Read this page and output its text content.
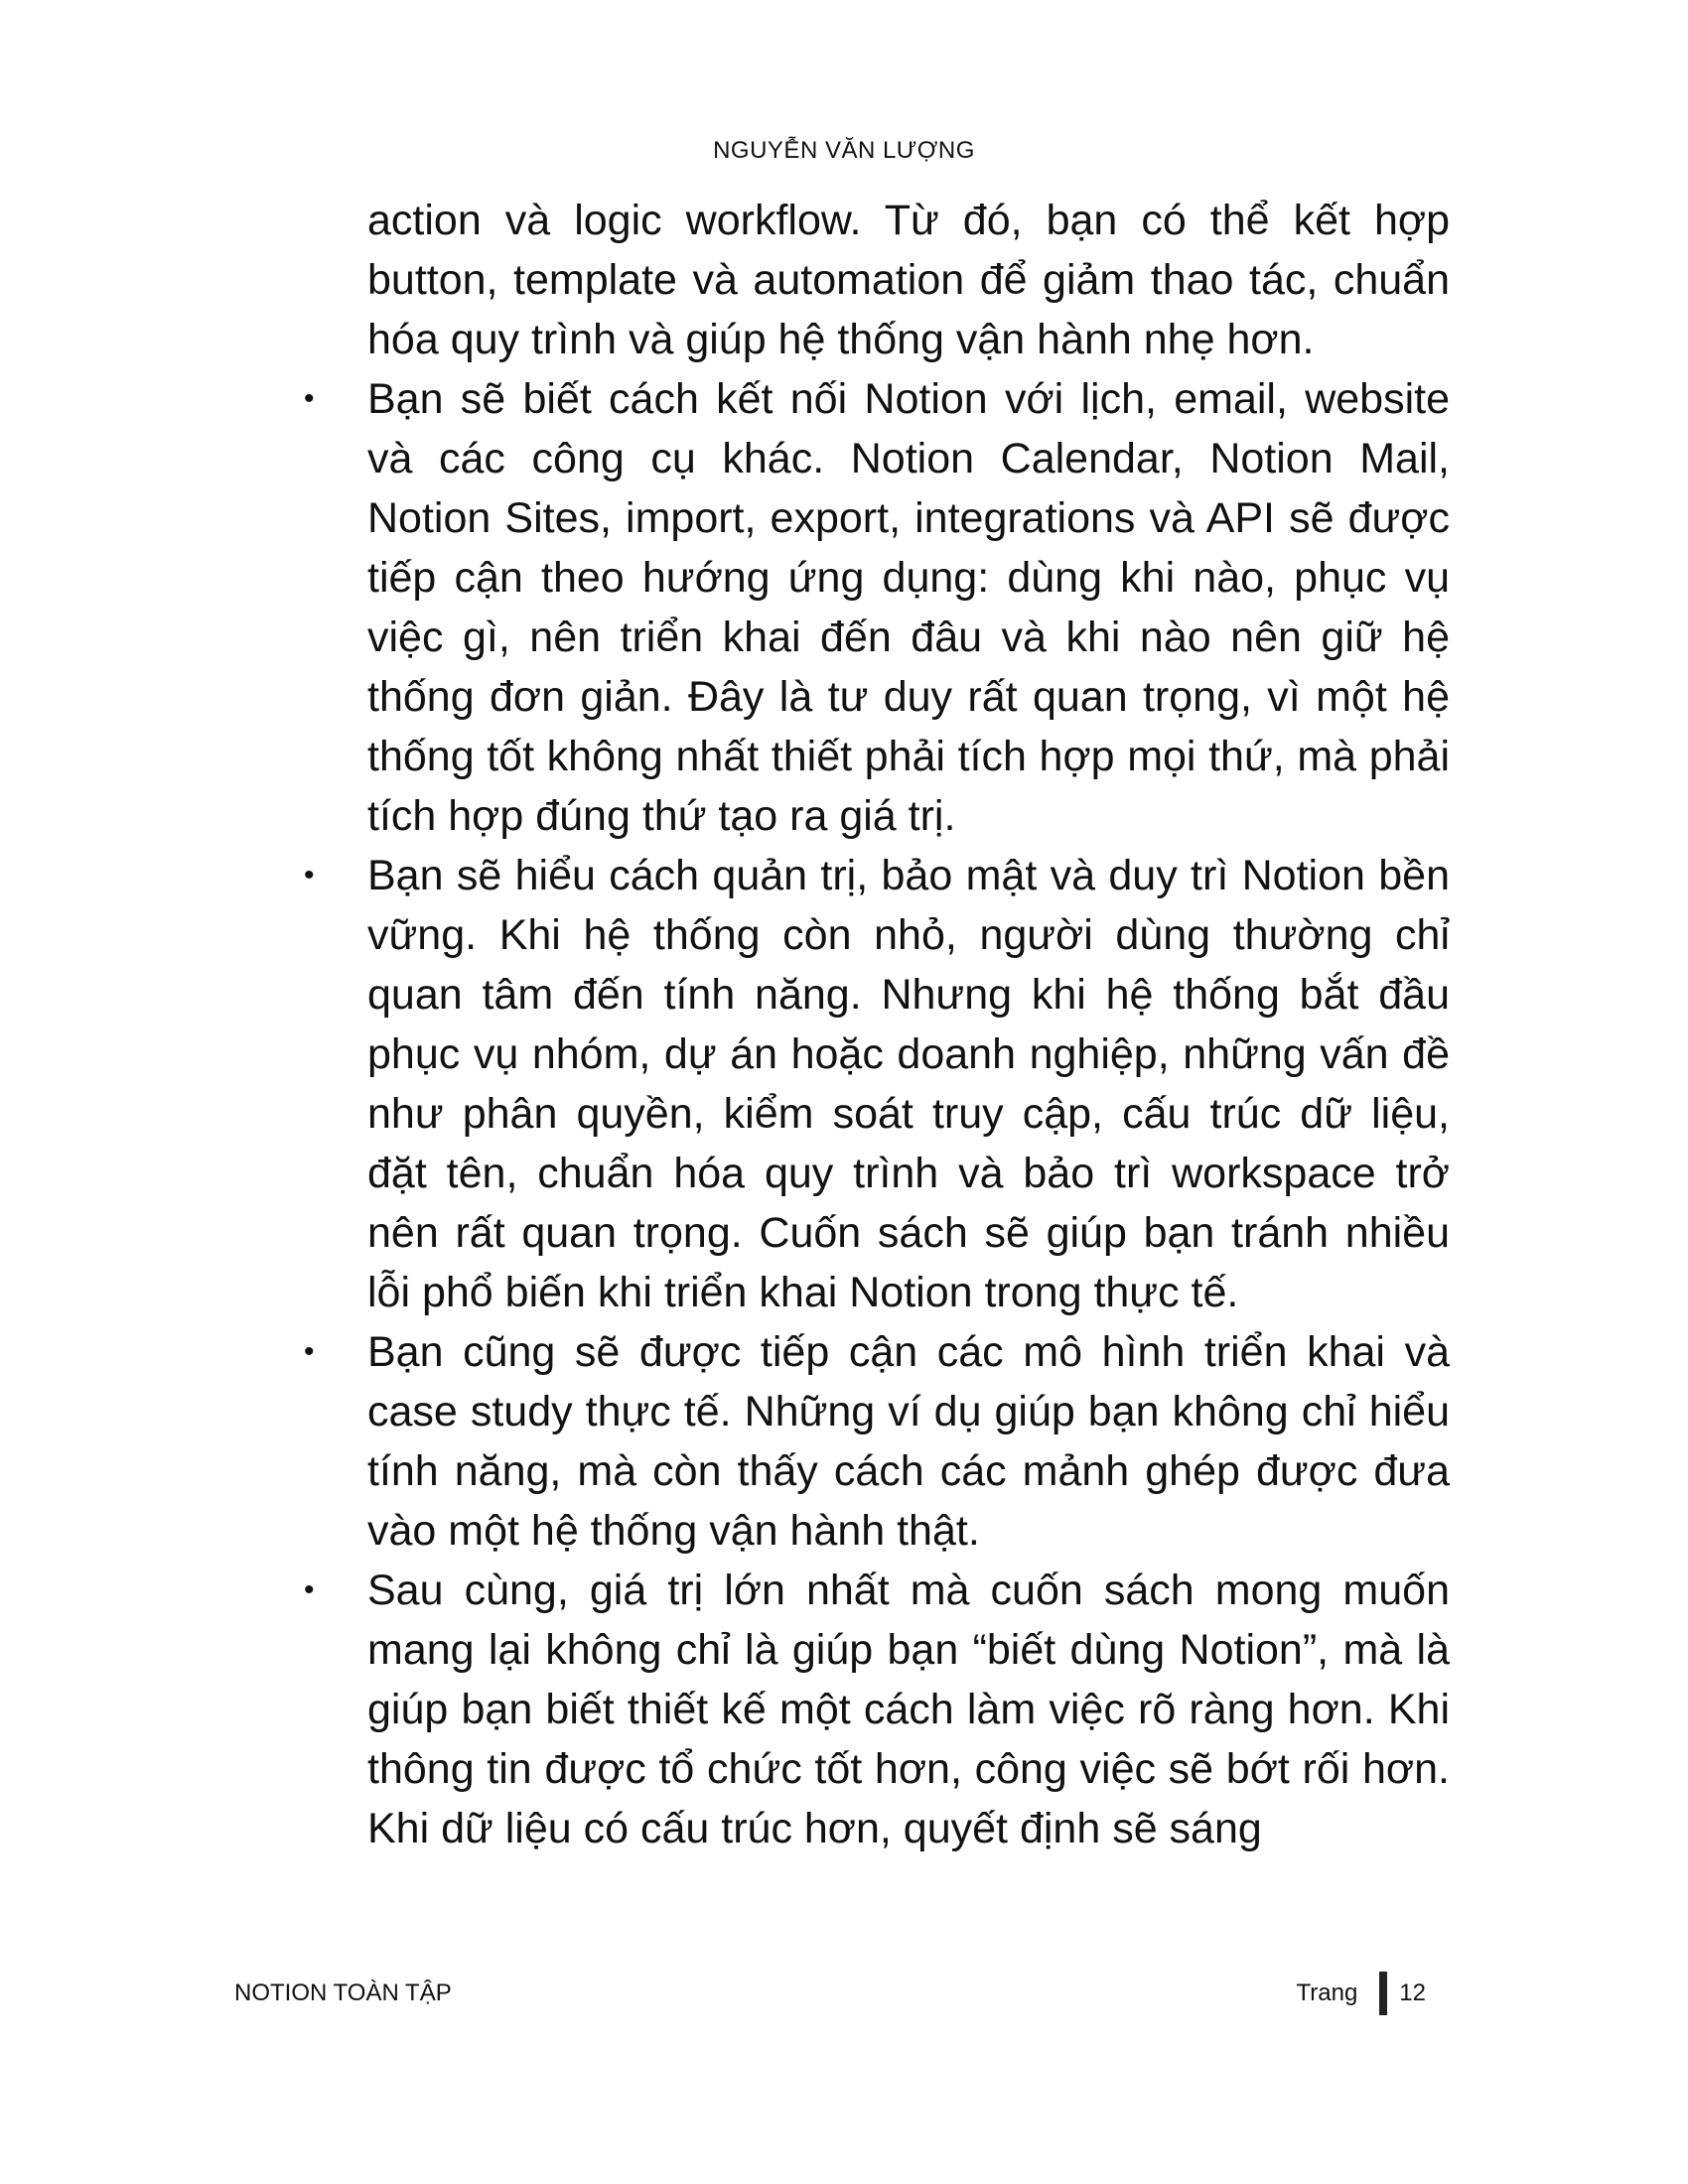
NGUYỄN VĂN LƯỢNG

action và logic workflow. Từ đó, bạn có thể kết hợp button, template và automation để giảm thao tác, chuẩn hóa quy trình và giúp hệ thống vận hành nhẹ hơn.

• Bạn sẽ biết cách kết nối Notion với lịch, email, website và các công cụ khác. Notion Calendar, Notion Mail, Notion Sites, import, export, integrations và API sẽ được tiếp cận theo hướng ứng dụng: dùng khi nào, phục vụ việc gì, nên triển khai đến đâu và khi nào nên giữ hệ thống đơn giản. Đây là tư duy rất quan trọng, vì một hệ thống tốt không nhất thiết phải tích hợp mọi thứ, mà phải tích hợp đúng thứ tạo ra giá trị.
• Bạn sẽ hiểu cách quản trị, bảo mật và duy trì Notion bền vững. Khi hệ thống còn nhỏ, người dùng thường chỉ quan tâm đến tính năng. Nhưng khi hệ thống bắt đầu phục vụ nhóm, dự án hoặc doanh nghiệp, những vấn đề như phân quyền, kiểm soát truy cập, cấu trúc dữ liệu, đặt tên, chuẩn hóa quy trình và bảo trì workspace trở nên rất quan trọng. Cuốn sách sẽ giúp bạn tránh nhiều lỗi phổ biến khi triển khai Notion trong thực tế.
• Bạn cũng sẽ được tiếp cận các mô hình triển khai và case study thực tế. Những ví dụ giúp bạn không chỉ hiểu tính năng, mà còn thấy cách các mảnh ghép được đưa vào một hệ thống vận hành thật.
• Sau cùng, giá trị lớn nhất mà cuốn sách mong muốn mang lại không chỉ là giúp bạn “biết dùng Notion”, mà là giúp bạn biết thiết kế một cách làm việc rõ ràng hơn. Khi thông tin được tổ chức tốt hơn, công việc sẽ bớt rối hơn. Khi dữ liệu có cấu trúc hơn, quyết định sẽ sáng
NOTION TOÀN TẬP	Trang 12
